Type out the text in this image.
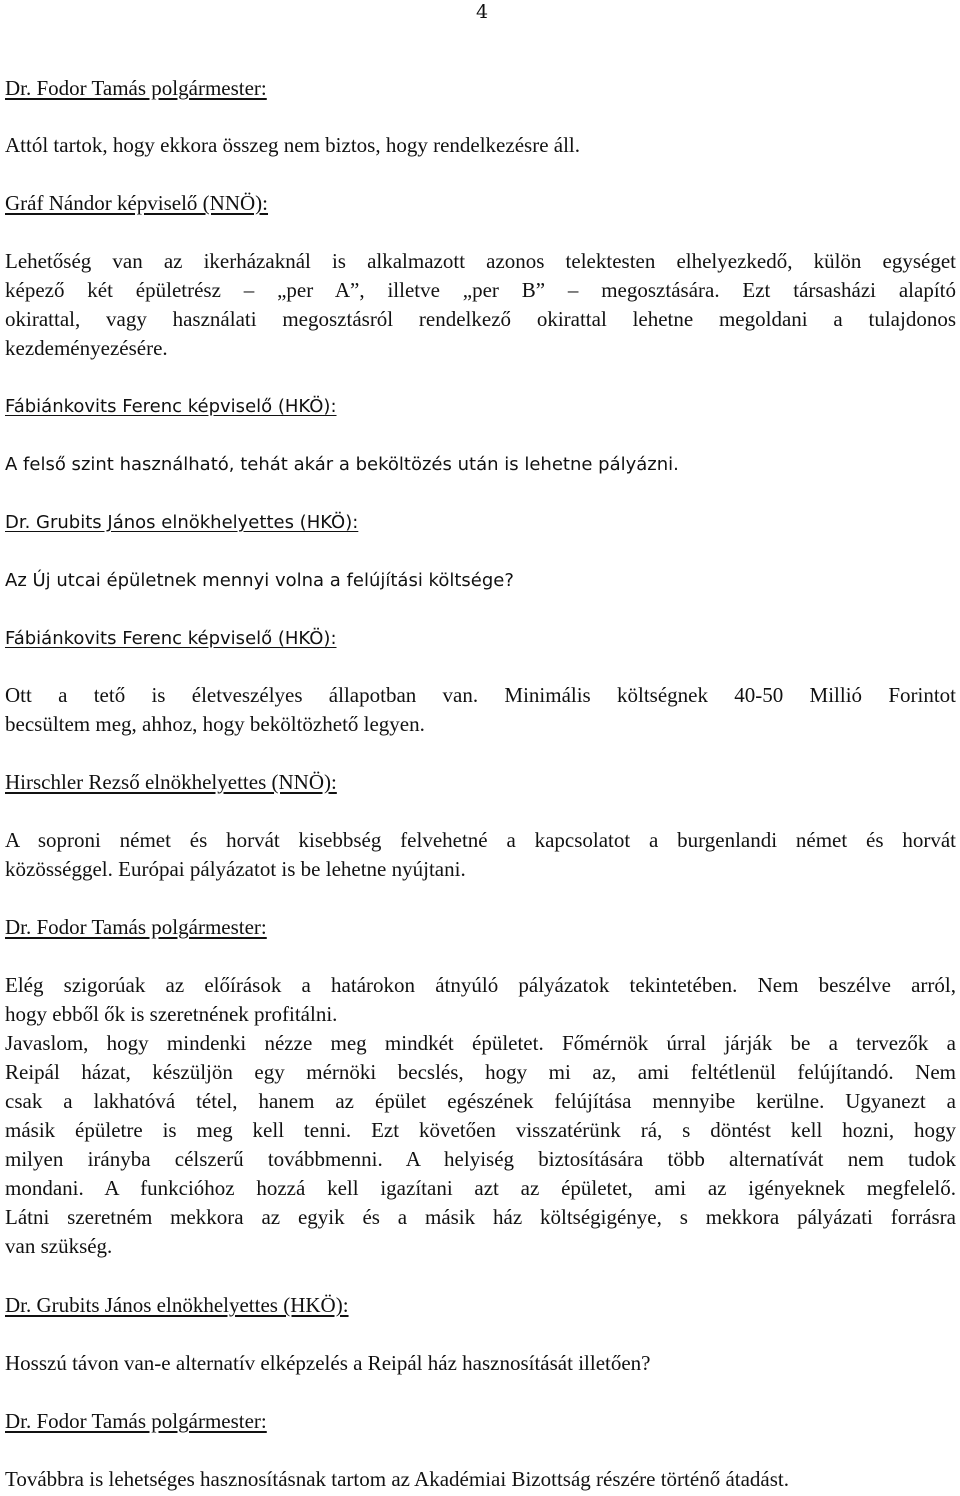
4
Dr. Fodor Tamás polgármester:
Attól tartok, hogy ekkora összeg nem biztos, hogy rendelkezésre áll.
Gráf Nándor képviselő (NNÖ):
Lehetőség van az ikerházaknál is alkalmazott azonos telektesten elhelyezkedő, külön egységet
képező két épületrész – „per A”, illetve „per B” – megosztására. Ezt társasházi alapító
okirattal, vagy használati megosztásról rendelkező okirattal lehetne megoldani a tulajdonos
kezdeményezésére.
Fábiánkovits Ferenc képviselő (HKÖ):
A felső szint használható, tehát akár a beköltözés után is lehetne pályázni.
Dr. Grubits János elnökhelyettes (HKÖ):
Az Új utcai épületnek mennyi volna a felújítási költsége?
Fábiánkovits Ferenc képviselő (HKÖ):
Ott a tető is életveszélyes állapotban van. Minimális költségnek 40-50 Millió Forintot
becsültem meg, ahhoz, hogy beköltözhető legyen.
Hirschler Rezső elnökhelyettes (NNÖ):
A soproni német és horvát kisebbség felvehetné a kapcsolatot a burgenlandi német és horvát
közösséggel. Európai pályázatot is be lehetne nyújtani.
Dr. Fodor Tamás polgármester:
Elég szigorúak az előírások a határokon átnyúló pályázatok tekintetében. Nem beszélve arról,
hogy ebből ők is szeretnének profitálni.
Javaslom, hogy mindenki nézze meg mindkét épületet. Főmérnök úrral járják be a tervezők a
Reipál házat, készüljön egy mérnöki becslés, hogy mi az, ami feltétlenül felújítandó. Nem
csak a lakhatóvá tétel, hanem az épület egészének felújítása mennyibe kerülne. Ugyanezt a
másik épületre is meg kell tenni. Ezt követően visszatérünk rá, s döntést kell hozni, hogy
milyen irányba célszerű továbbmenni. A helyiség biztosítására több alternatívát nem tudok
mondani. A funkcióhoz hozzá kell igazítani azt az épületet, ami az igényeknek megfelelő.
Látni szeretném mekkora az egyik és a másik ház költségigénye, s mekkora pályázati forrásra
van szükség.
Dr. Grubits János elnökhelyettes (HKÖ):
Hosszú távon van-e alternatív elképzelés a Reipál ház hasznosítását illetően?
Dr. Fodor Tamás polgármester:
Továbbra is lehetséges hasznosításnak tartom az Akadémiai Bizottság részére történő átadást.
